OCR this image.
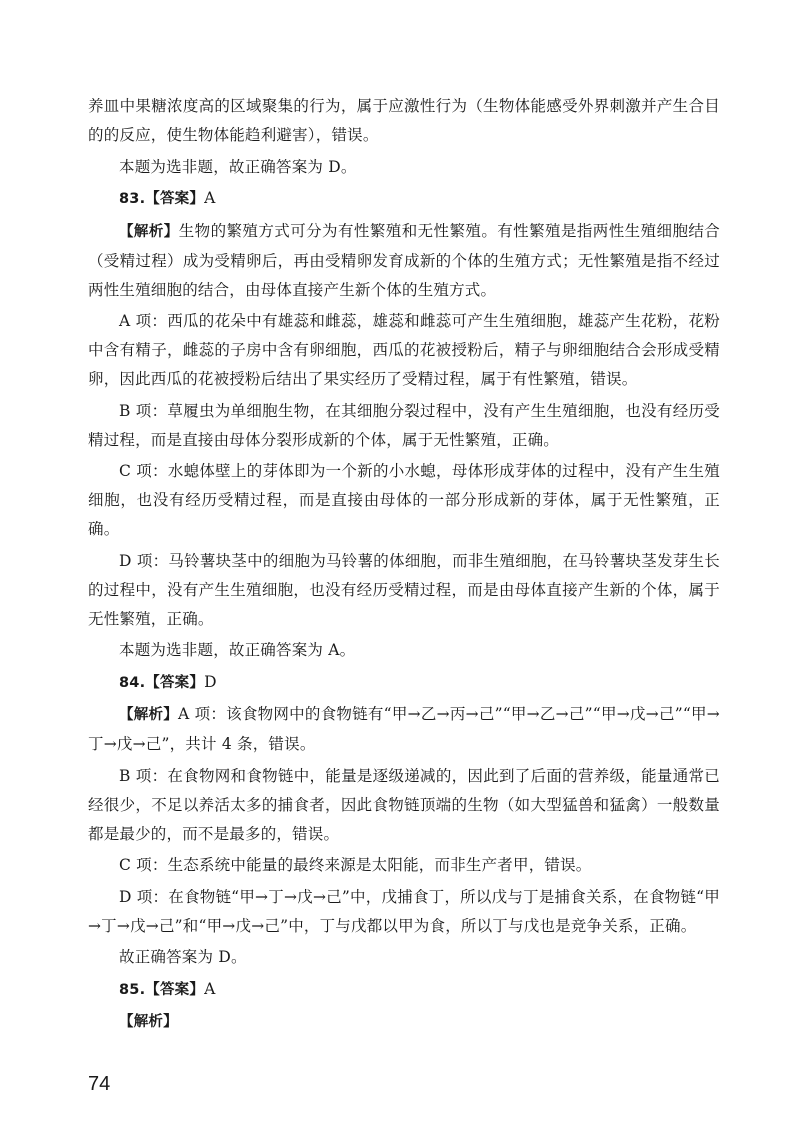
养皿中果糖浓度高的区域聚集的行为，属于应激性行为（生物体能感受外界刺激并产生合目的的反应，使生物体能趋利避害），错误。

本题为选非题，故正确答案为 D。

83.【答案】A

【解析】生物的繁殖方式可分为有性繁殖和无性繁殖。有性繁殖是指两性生殖细胞结合（受精过程）成为受精卵后，再由受精卵发育成新的个体的生殖方式；无性繁殖是指不经过两性生殖细胞的结合，由母体直接产生新个体的生殖方式。

A 项：西瓜的花朵中有雄蕊和雌蕊，雄蕊和雌蕊可产生生殖细胞，雄蕊产生花粉，花粉中含有精子，雌蕊的子房中含有卵细胞，西瓜的花被授粉后，精子与卵细胞结合会形成受精卵，因此西瓜的花被授粉后结出了果实经历了受精过程，属于有性繁殖，错误。

B 项：草履虫为单细胞生物，在其细胞分裂过程中，没有产生生殖细胞，也没有经历受精过程，而是直接由母体分裂形成新的个体，属于无性繁殖，正确。

C 项：水螅体壁上的芽体即为一个新的小水螅，母体形成芽体的过程中，没有产生生殖细胞，也没有经历受精过程，而是直接由母体的一部分形成新的芽体，属于无性繁殖，正确。

D 项：马铃薯块茎中的细胞为马铃薯的体细胞，而非生殖细胞，在马铃薯块茎发芽生长的过程中，没有产生生殖细胞，也没有经历受精过程，而是由母体直接产生新的个体，属于无性繁殖，正确。

本题为选非题，故正确答案为 A。

84.【答案】D

【解析】A 项：该食物网中的食物链有“甲→乙→丙→己”“甲→乙→己”“甲→戊→己”“甲→丁→戊→己”，共计 4 条，错误。

B 项：在食物网和食物链中，能量是逐级递减的，因此到了后面的营养级，能量通常已经很少，不足以养活太多的捕食者，因此食物链顶端的生物（如大型猛兽和猛禽）一般数量都是最少的，而不是最多的，错误。

C 项：生态系统中能量的最终来源是太阳能，而非生产者甲，错误。

D 项：在食物链“甲→丁→戊→己”中，戊捕食丁，所以戊与丁是捕食关系，在食物链“甲→丁→戊→己”和“甲→戊→己”中，丁与戊都以甲为食，所以丁与戊也是竞争关系，正确。

故正确答案为 D。

85.【答案】A

【解析】

74
